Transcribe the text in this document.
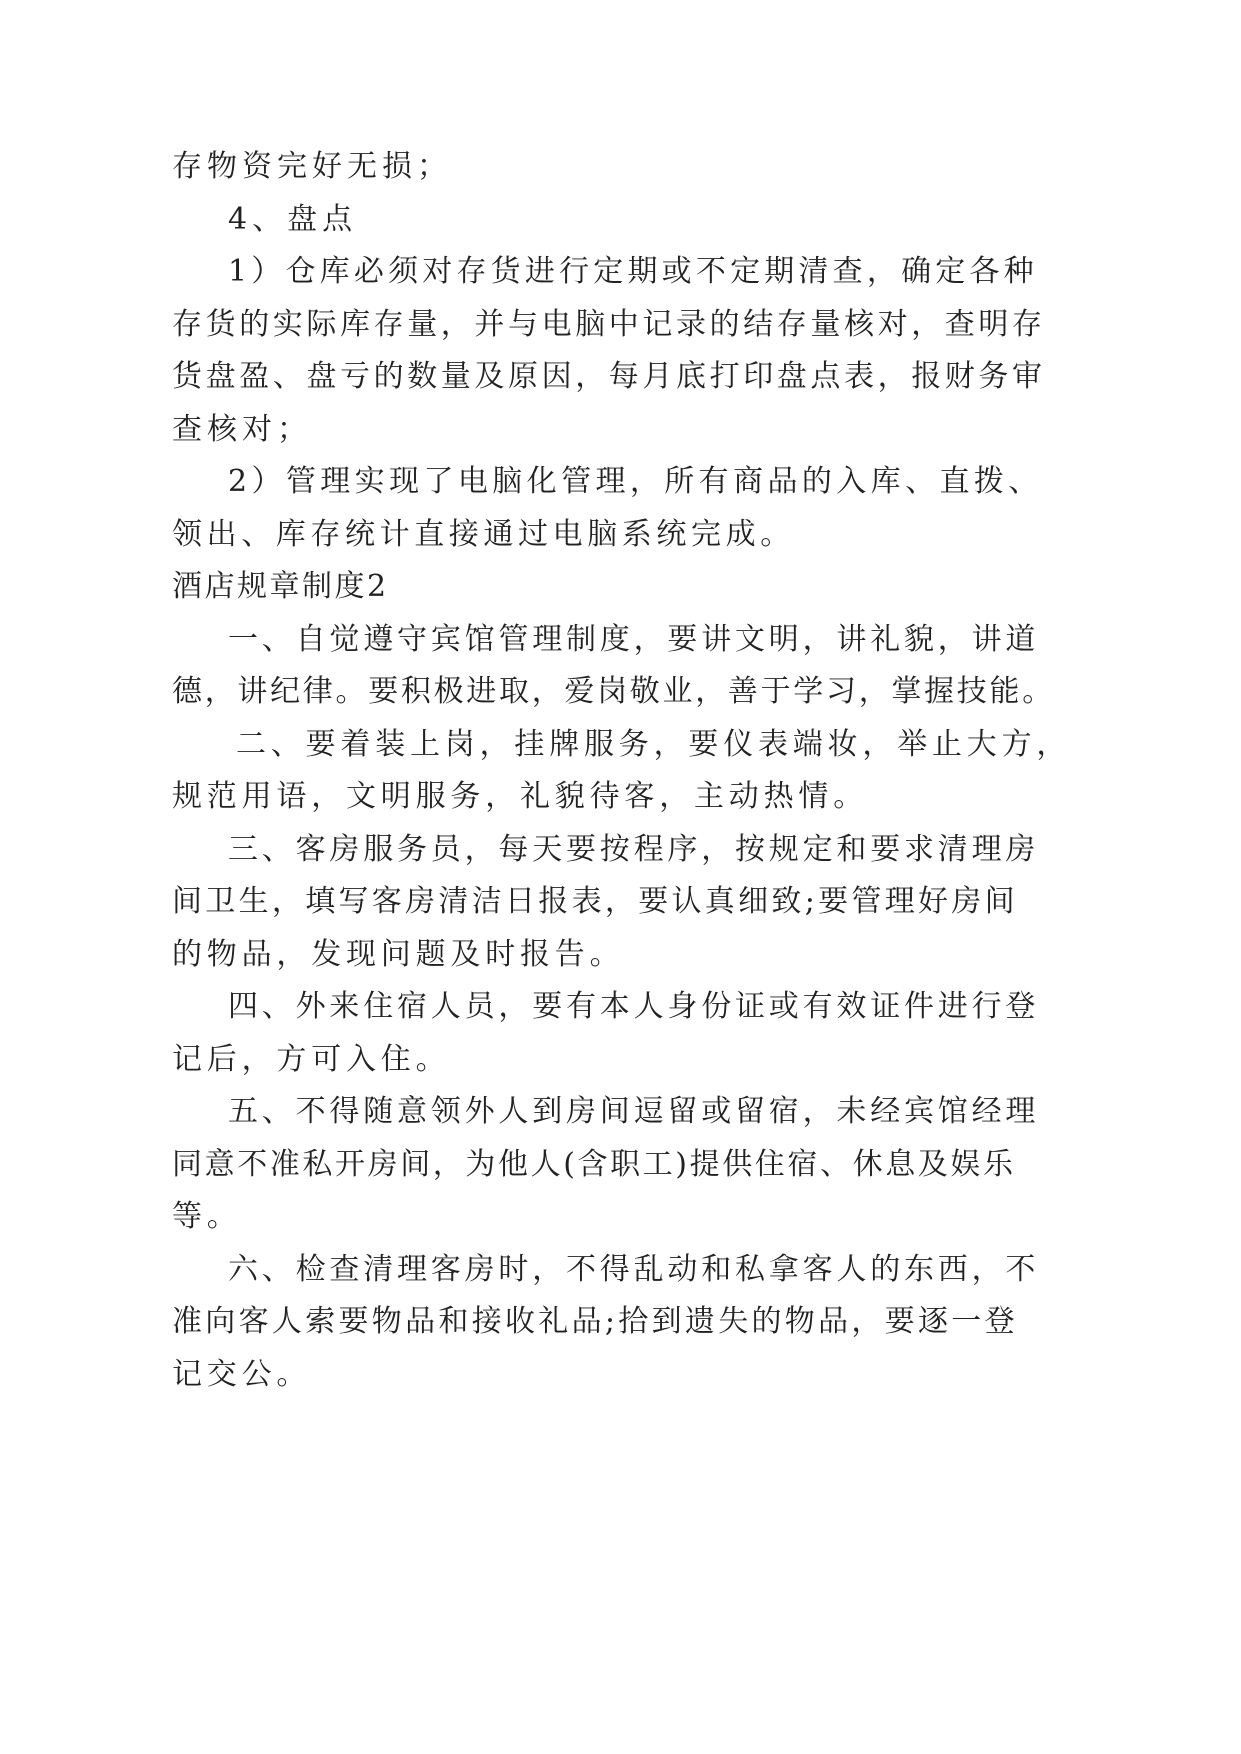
存物资完好无损；
4、盘点
1）仓库必须对存货进行定期或不定期清查，确定各种
存货的实际库存量，并与电脑中记录的结存量核对，查明存
货盘盈、盘亏的数量及原因，每月底打印盘点表，报财务审
查核对；
2）管理实现了电脑化管理，所有商品的入库、直拨、
领出、库存统计直接通过电脑系统完成。
酒店规章制度2
一、自觉遵守宾馆管理制度，要讲文明，讲礼貌，讲道
德，讲纪律。要积极进取，爱岗敬业，善于学习，掌握技能。
二、要着装上岗，挂牌服务，要仪表端妆，举止大方，
规范用语，文明服务，礼貌待客，主动热情。
三、客房服务员，每天要按程序，按规定和要求清理房
间卫生，填写客房清洁日报表，要认真细致;要管理好房间
的物品，发现问题及时报告。
四、外来住宿人员，要有本人身份证或有效证件进行登
记后，方可入住。
五、不得随意领外人到房间逗留或留宿，未经宾馆经理
同意不准私开房间，为他人(含职工)提供住宿、休息及娱乐
等。
六、检查清理客房时，不得乱动和私拿客人的东西，不
准向客人索要物品和接收礼品;拾到遗失的物品，要逐一登
记交公。
